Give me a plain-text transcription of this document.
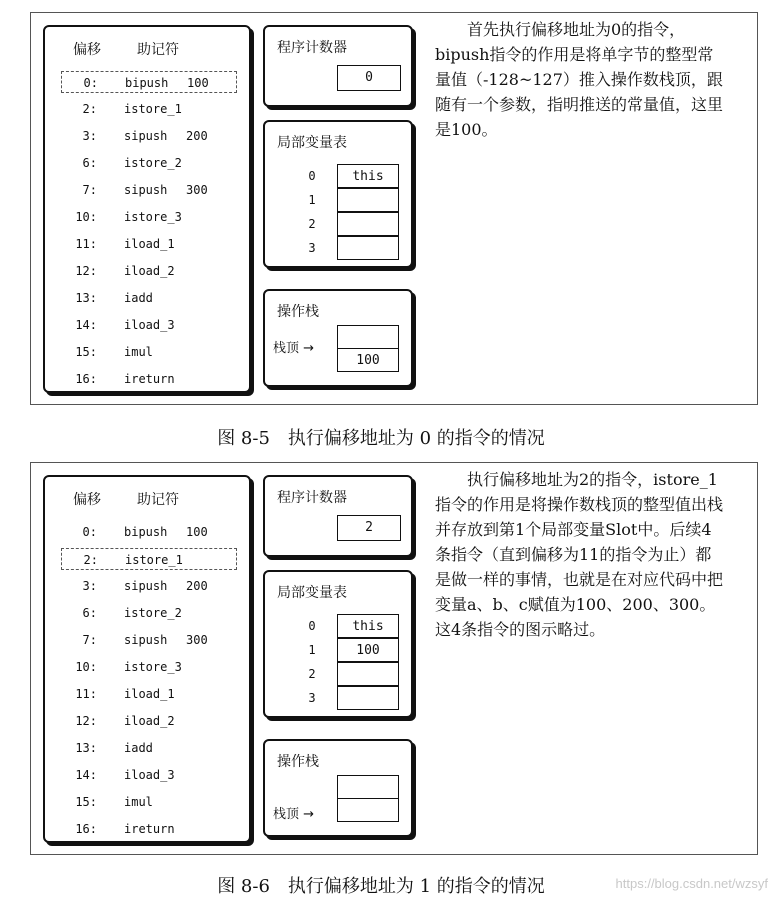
偏移	助记符
0: bipush 100
2: istore_1
3: sipush 200
6: istore_2
7: sipush 300
10: istore_3
11: iload_1
12: iload_2
13: iadd
14: iload_3
15: imul
16: ireturn
程序计数器
0
局部变量表
0	this
1
2
3
操作栈
100
栈顶 →
首先执行偏移地址为0的指令，bipush指令的作用是将单字节的整型常量值（-128~127）推入操作数栈顶，跟随有一个参数，指明推送的常量值，这里是100。
图 8-5　执行偏移地址为 0 的指令的情况
偏移	助记符
0: bipush 100
2: istore_1
3: sipush 200
6: istore_2
7: sipush 300
10: istore_3
11: iload_1
12: iload_2
13: iadd
14: iload_3
15: imul
16: ireturn
程序计数器
2
局部变量表
0	this
1	100
2
3
操作栈
栈顶 →
执行偏移地址为2的指令，istore_1指令的作用是将操作数栈顶的整型值出栈并存放到第1个局部变量Slot中。后续4条指令（直到偏移为11的指令为止）都是做一样的事情，也就是在对应代码中把变量a、b、c赋值为100、200、300。这4条指令的图示略过。
图 8-6　执行偏移地址为 1 的指令的情况	https://blog.csdn.net/wzsyf
